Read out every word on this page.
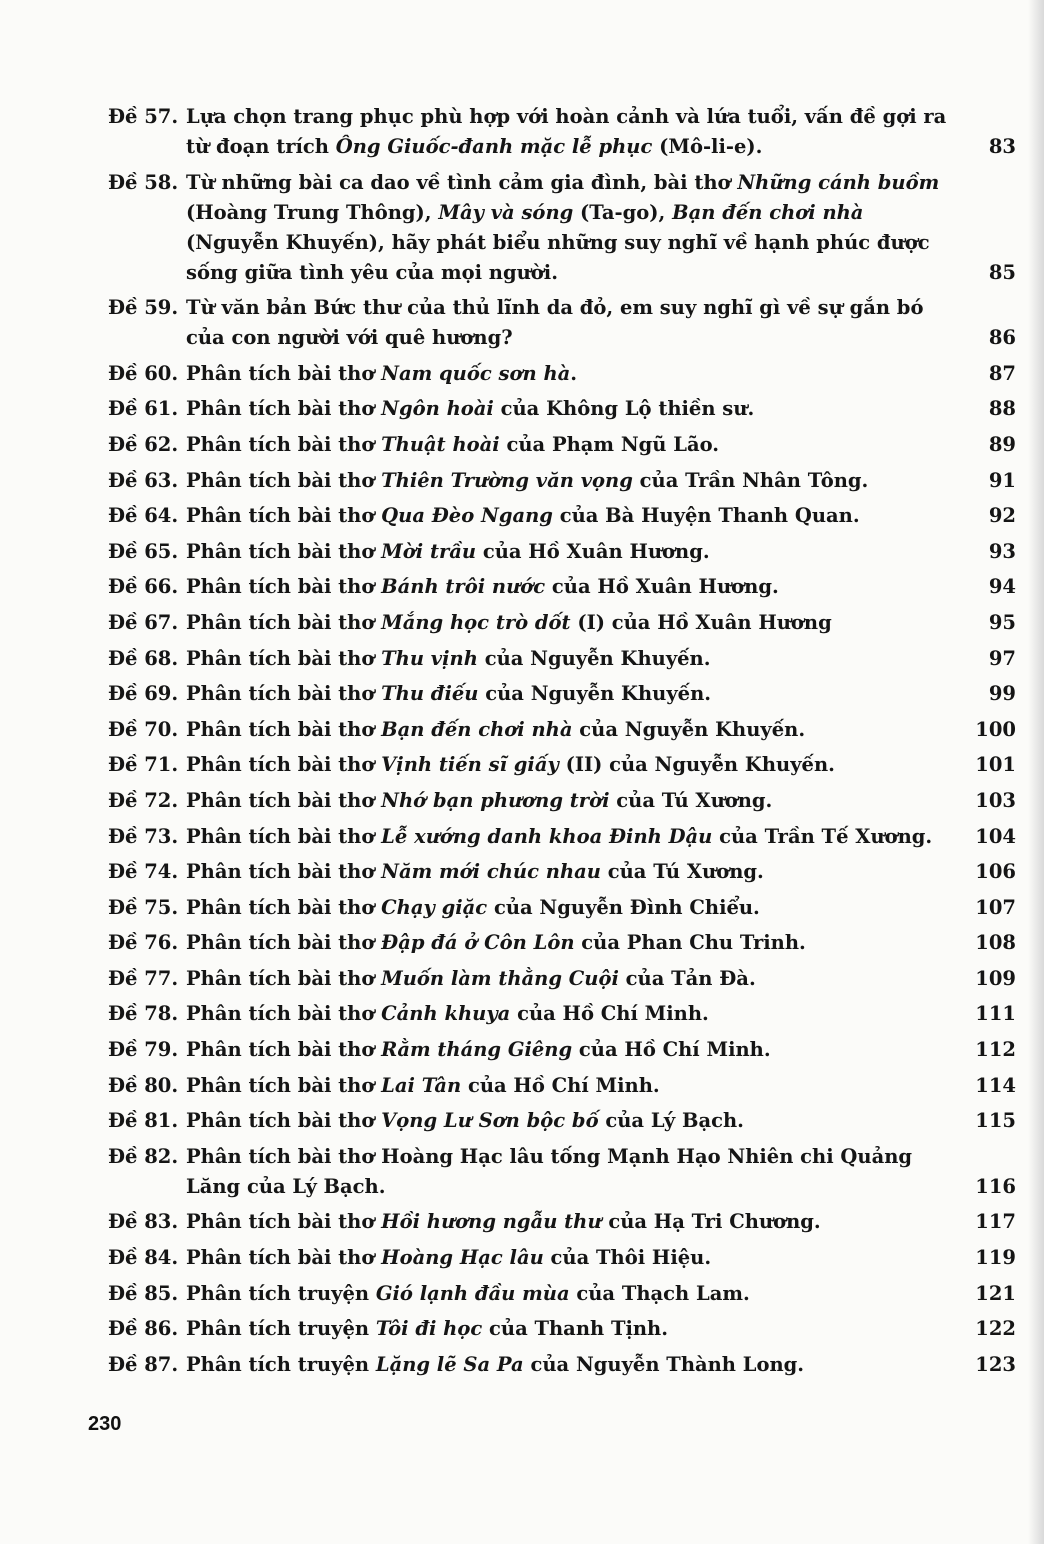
Đề 57. Lựa chọn trang phục phù hợp với hoàn cảnh và lứa tuổi, vấn đề gợi ra từ đoạn trích Ông Giuốc-đanh mặc lễ phục (Mô-li-e).	83
Đề 58. Từ những bài ca dao về tình cảm gia đình, bài thơ Những cánh buồm (Hoàng Trung Thông), Mây và sóng (Ta-go), Bạn đến chơi nhà (Nguyễn Khuyến), hãy phát biểu những suy nghĩ về hạnh phúc được sống giữa tình yêu của mọi người.	85
Đề 59. Từ văn bản Bức thư của thủ lĩnh da đỏ, em suy nghĩ gì về sự gắn bó của con người với quê hương?	86
Đề 60. Phân tích bài thơ Nam quốc sơn hà.	87
Đề 61. Phân tích bài thơ Ngôn hoài của Không Lộ thiền sư.	88
Đề 62. Phân tích bài thơ Thuật hoài của Phạm Ngũ Lão.	89
Đề 63. Phân tích bài thơ Thiên Trường văn vọng của Trần Nhân Tông.	91
Đề 64. Phân tích bài thơ Qua Đèo Ngang của Bà Huyện Thanh Quan.	92
Đề 65. Phân tích bài thơ Mời trầu của Hồ Xuân Hương.	93
Đề 66. Phân tích bài thơ Bánh trôi nước của Hồ Xuân Hương.	94
Đề 67. Phân tích bài thơ Mắng học trò dốt (I) của Hồ Xuân Hương	95
Đề 68. Phân tích bài thơ Thu vịnh của Nguyễn Khuyến.	97
Đề 69. Phân tích bài thơ Thu điếu của Nguyễn Khuyến.	99
Đề 70. Phân tích bài thơ Bạn đến chơi nhà của Nguyễn Khuyến.	100
Đề 71. Phân tích bài thơ Vịnh tiến sĩ giấy (II) của Nguyễn Khuyến.	101
Đề 72. Phân tích bài thơ Nhớ bạn phương trời của Tú Xương.	103
Đề 73. Phân tích bài thơ Lễ xướng danh khoa Đinh Dậu của Trần Tế Xương.	104
Đề 74. Phân tích bài thơ Năm mới chúc nhau của Tú Xương.	106
Đề 75. Phân tích bài thơ Chạy giặc của Nguyễn Đình Chiểu.	107
Đề 76. Phân tích bài thơ Đập đá ở Côn Lôn của Phan Chu Trinh.	108
Đề 77. Phân tích bài thơ Muốn làm thằng Cuội của Tản Đà.	109
Đề 78. Phân tích bài thơ Cảnh khuya của Hồ Chí Minh.	111
Đề 79. Phân tích bài thơ Rằm tháng Giêng của Hồ Chí Minh.	112
Đề 80. Phân tích bài thơ Lai Tân của Hồ Chí Minh.	114
Đề 81. Phân tích bài thơ Vọng Lư Sơn bộc bố của Lý Bạch.	115
Đề 82. Phân tích bài thơ Hoàng Hạc lâu tống Mạnh Hạo Nhiên chi Quảng Lăng của Lý Bạch.	116
Đề 83. Phân tích bài thơ Hồi hương ngẫu thư của Hạ Tri Chương.	117
Đề 84. Phân tích bài thơ Hoàng Hạc lâu của Thôi Hiệu.	119
Đề 85. Phân tích truyện Gió lạnh đầu mùa của Thạch Lam.	121
Đề 86. Phân tích truyện Tôi đi học của Thanh Tịnh.	122
Đề 87. Phân tích truyện Lặng lẽ Sa Pa của Nguyễn Thành Long.	123
230
